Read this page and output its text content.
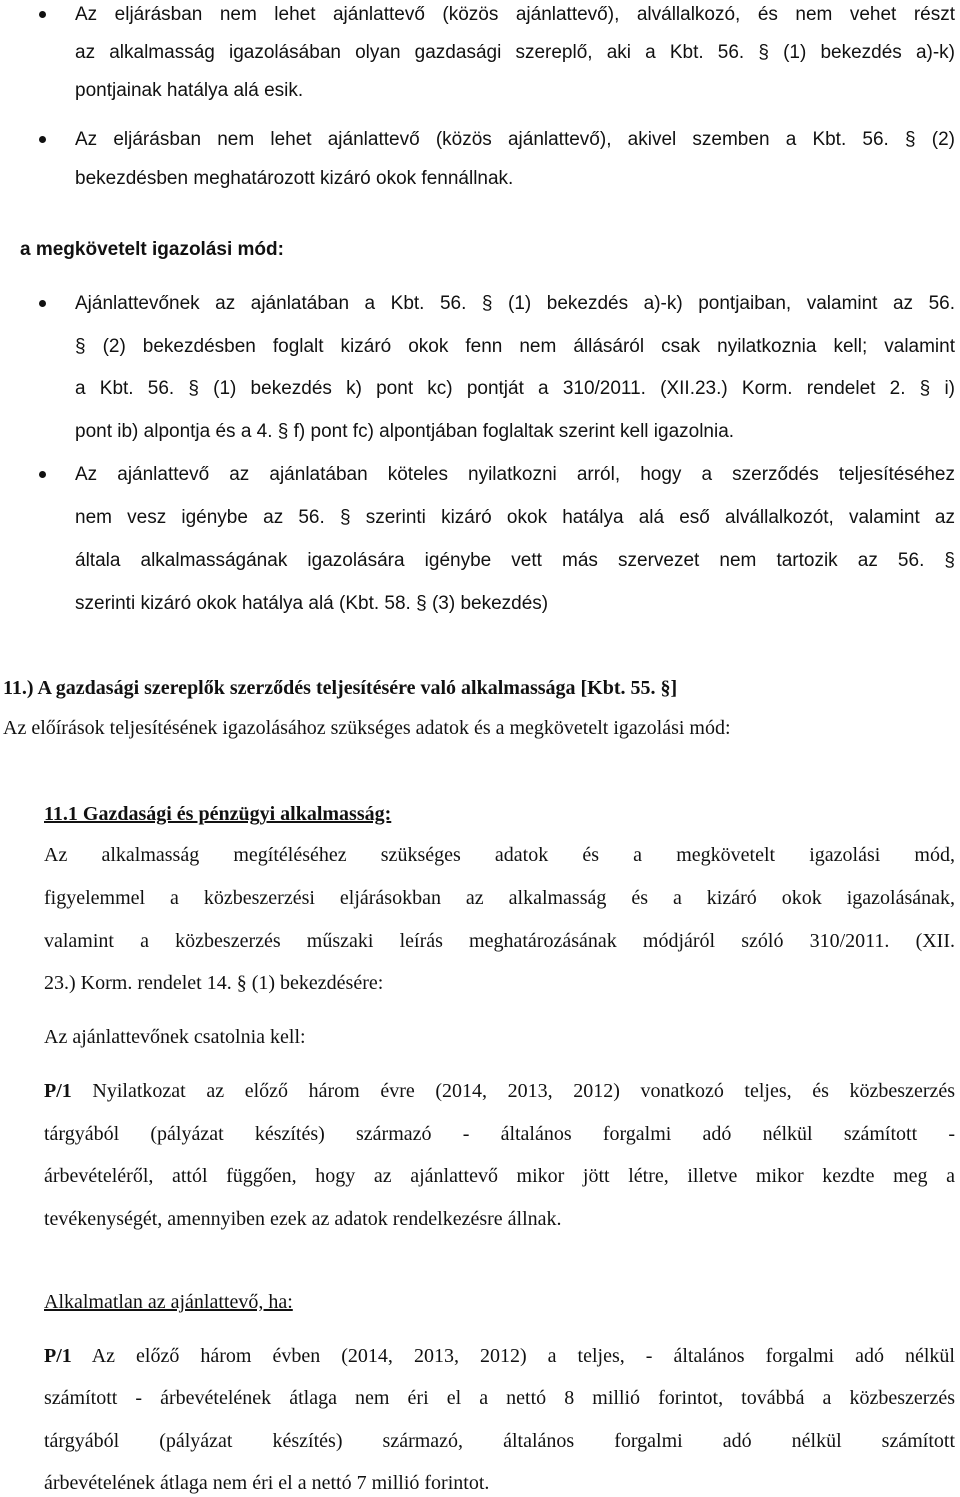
Az eljárásban nem lehet ajánlattevő (közös ajánlattevő), alvállalkozó, és nem vehet részt
az alkalmasság igazolásában olyan gazdasági szereplő, aki a Kbt. 56. § (1) bekezdés a)-k)
pontjainak hatálya alá esik.
Az eljárásban nem lehet ajánlattevő (közös ajánlattevő), akivel szemben a Kbt. 56. § (2)
bekezdésben meghatározott kizáró okok fennállnak.
a megkövetelt igazolási mód:
Ajánlattevőnek az ajánlatában a Kbt. 56. § (1) bekezdés a)-k) pontjaiban, valamint az 56.
§ (2) bekezdésben foglalt kizáró okok fenn nem állásáról csak nyilatkoznia kell; valamint
a Kbt. 56. § (1) bekezdés k) pont kc) pontját a 310/2011. (XII.23.) Korm. rendelet 2. § i)
pont ib) alpontja és a 4. § f) pont fc) alpontjában foglaltak szerint kell igazolnia.
Az ajánlattevő az ajánlatában köteles nyilatkozni arról, hogy a szerződés teljesítéséhez
nem vesz igénybe az 56. § szerinti kizáró okok hatálya alá eső alvállalkozót, valamint az
általa alkalmasságának igazolására igénybe vett más szervezet nem tartozik az 56. §
szerinti kizáró okok hatálya alá (Kbt. 58. § (3) bekezdés)
11.) A gazdasági szereplők szerződés teljesítésére való alkalmassága [Kbt. 55. §]
Az előírások teljesítésének igazolásához szükséges adatok és a megkövetelt igazolási mód:
11.1 Gazdasági és pénzügyi alkalmasság:
Az alkalmasság megítéléséhez szükséges adatok és a megkövetelt igazolási mód,
figyelemmel a közbeszerzési eljárásokban az alkalmasság és a kizáró okok igazolásának,
valamint a közbeszerzés műszaki leírás meghatározásának módjáról szóló 310/2011. (XII.
23.) Korm. rendelet 14. § (1) bekezdésére:
Az ajánlattevőnek csatolnia kell:
P/1 Nyilatkozat az előző három évre (2014, 2013, 2012) vonatkozó teljes, és közbeszerzés
tárgyából (pályázat készítés) származó - általános forgalmi adó nélkül számított -
árbevételéről, attól függően, hogy az ajánlattevő mikor jött létre, illetve mikor kezdte meg a
tevékenységét, amennyiben ezek az adatok rendelkezésre állnak.
Alkalmatlan az ajánlattevő, ha:
P/1 Az előző három évben (2014, 2013, 2012) a teljes, - általános forgalmi adó nélkül
számított - árbevételének átlaga nem éri el a nettó 8 millió forintot, továbbá a közbeszerzés
tárgyából (pályázat készítés) származó, általános forgalmi adó nélkül számított
árbevételének átlaga nem éri el a nettó 7 millió forintot.
